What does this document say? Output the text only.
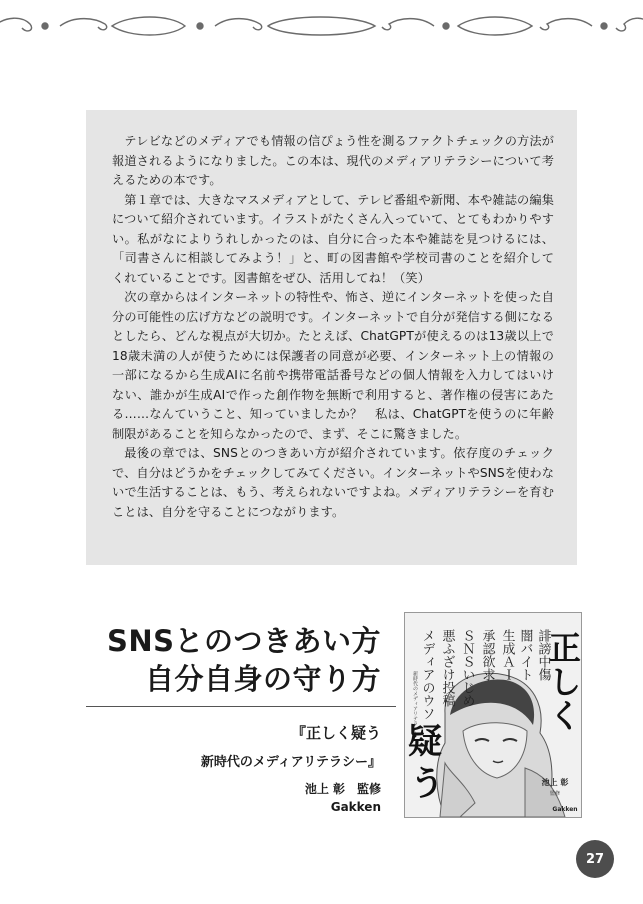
テレビなどのメディアでも情報の信ぴょう性を測るファクトチェックの方法が報道されるようになりました。この本は、現代のメディアリテラシーについて考えるための本です。

第１章では、大きなマスメディアとして、テレビ番組や新聞、本や雑誌の編集について紹介されています。イラストがたくさん入っていて、とてもわかりやすい。私がなによりうれしかったのは、自分に合った本や雑誌を見つけるには、「司書さんに相談してみよう！」と、町の図書館や学校司書のことを紹介してくれていることです。図書館をぜひ、活用してね！（笑）

次の章からはインターネットの特性や、怖さ、逆にインターネットを使った自分の可能性の広げ方などの説明です。インターネットで自分が発信する側になるとしたら、どんな視点が大切か。たとえば、ChatGPTが使えるのは13歳以上で18歳未満の人が使うためには保護者の同意が必要、インターネット上の情報の一部になるから生成AIに名前や携帯電話番号などの個人情報を入力してはいけない、誰かが生成AIで作った創作物を無断で利用すると、著作権の侵害にあたる……なんていうこと、知っていましたか？　私は、ChatGPTを使うのに年齢制限があることを知らなかったので、まず、そこに驚きました。

最後の章では、SNSとのつきあい方が紹介されています。依存度のチェックで、自分はどうかをチェックしてみてください。インターネットやSNSを使わないで生活することは、もう、考えられないですよね。メディアリテラシーを育むことは、自分を守ることにつながります。

SNSとのつきあい方
自分自身の守り方
『正しく疑う
新時代のメディアリテラシー』
池上 彰　監修
Gakken
メディアのウソ 悪ふざけ投稿 ＳＮＳいじめ 承認欲求 生成ＡＩ 闇バイト 誹謗中傷
新時代のメディアリテラシー
正
し
く
疑
う	池上 彰
監修
Gakken
27
